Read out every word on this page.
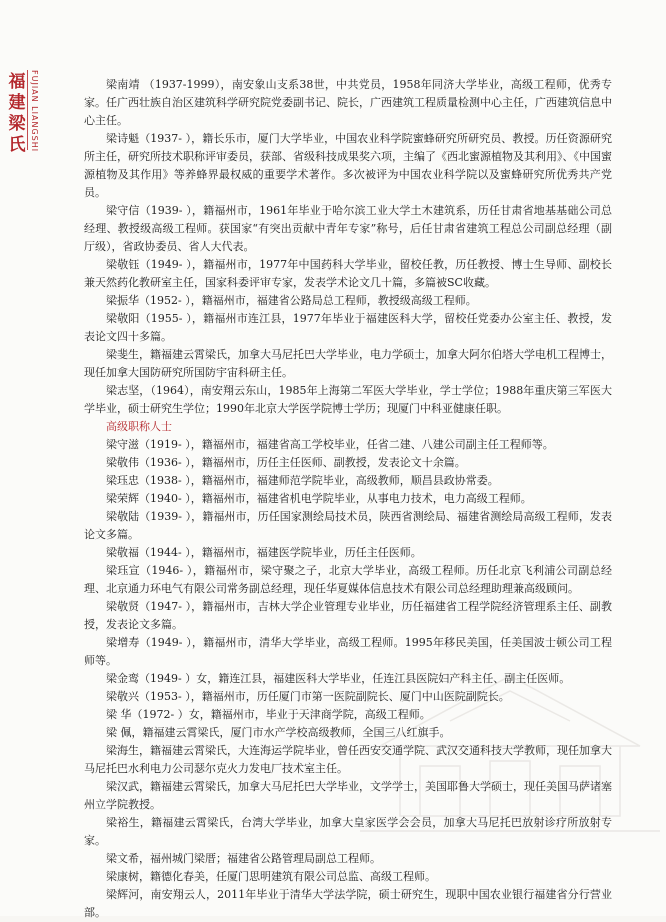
福
建
梁
氏 FUJIAN LIANGSHI	梁南靖 （1937-1999），南安象山支系38世，中共党员，1958年同济大学毕业，高级工程师，优秀专家。任广西壮族自治区建筑科学研究院党委副书记、院长，广西建筑工程质量检测中心主任，广西建筑信息中心主任。

梁诗魁（1937- ），籍长乐市，厦门大学毕业，中国农业科学院蜜蜂研究所研究员、教授。历任资源研究所主任，研究所技术职称评审委员，获部、省级科技成果奖六项，主编了《西北蜜源植物及其利用》、《中国蜜源植物及其作用》等养蜂界最权威的重要学术著作。多次被评为中国农业科学院以及蜜蜂研究所优秀共产党员。

梁守信（1939- ），籍福州市，1961年毕业于哈尔滨工业大学土木建筑系，历任甘肃省地基基础公司总经理、教授级高级工程师。获国家“有突出贡献中青年专家”称号，后任甘肃省建筑工程总公司副总经理（副厅级），省政协委员、省人大代表。

梁敬钰（1949- ），籍福州市，1977年中国药科大学毕业，留校任教，历任教授、博士生导师、副校长兼天然药化教研室主任，国家科委评审专家，发表学术论文几十篇，多篇被SC收藏。

梁振华（1952- ），籍福州市，福建省公路局总工程师，教授级高级工程师。

梁敬阳（1955- ），籍福州市连江县，1977年毕业于福建医科大学，留校任党委办公室主任、教授，发表论文四十多篇。

梁斐生，籍福建云霄梁氏，加拿大马尼托巴大学毕业，电力学硕士，加拿大阿尔伯塔大学电机工程博士，现任加拿大国防研究所国防宇宙科研主任。

梁志坚，（1964），南安翔云东山，1985年上海第二军医大学毕业，学士学位；1988年重庆第三军医大学毕业，硕士研究生学位；1990年北京大学医学院博士学历；现厦门中科亚健康任职。

高级职称人士

梁守滋（1919- ），籍福州市，福建省高工学校毕业，任省二建、八建公司副主任工程师等。

梁敬伟（1936- ），籍福州市，历任主任医师、副教授，发表论文十余篇。

梁珏忠（1938- ），籍福州市，福建师范学院毕业，高级教师，顺昌县政协常委。

梁荣辉（1940- ），籍福州市，福建省机电学院毕业，从事电力技术，电力高级工程师。

梁敬陆（1939- ），籍福州市，历任国家测绘局技术员，陕西省测绘局、福建省测绘局高级工程师，发表论文多篇。

梁敬福（1944- ），籍福州市，福建医学院毕业，历任主任医师。

梁珏宣（1946- ），籍福州市，梁守聚之子，北京大学毕业，高级工程师。历任北京飞利浦公司副总经理、北京通力环电气有限公司常务副总经理，现任华夏媒体信息技术有限公司总经理助理兼高级顾问。

梁敬贤（1947- ），籍福州市，吉林大学企业管理专业毕业，历任福建省工程学院经济管理系主任、副教授，发表论文多篇。

梁增寿（1949- ），籍福州市，清华大学毕业，高级工程师。1995年移民美国，任美国波士顿公司工程师等。

梁金鸾（1949- ）女，籍连江县，福建医科大学毕业，任连江县医院妇产科主任、副主任医师。

梁敬兴（1953- ），籍福州市，历任厦门市第一医院副院长、厦门中山医院副院长。

梁 华（1972- ）女，籍福州市，毕业于天津商学院，高级工程师。

梁 佩，籍福建云霄梁氏，厦门市水产学校高级教师，全国三八红旗手。

梁海生，籍福建云霄梁氏，大连海运学院毕业，曾任西安交通学院、武汉交通科技大学教师，现任加拿大马尼托巴水利电力公司瑟尔克火力发电厂技术室主任。

梁汉武，籍福建云霄梁氏，加拿大马尼托巴大学毕业，文学学士，美国耶鲁大学硕士，现任美国马萨诸塞州立学院教授。

梁裕生，籍福建云霄梁氏，台湾大学毕业，加拿大皇家医学会会员，加拿大马尼托巴放射诊疗所放射专家。

梁文希，福州城门梁厝；福建省公路管理局副总工程师。

梁康树，籍德化春美，任厦门思明建筑有限公司总监、高级工程师。

梁辉河，南安翔云人，2011年毕业于清华大学法学院，硕士研究生，现职中国农业银行福建省分行营业部。
